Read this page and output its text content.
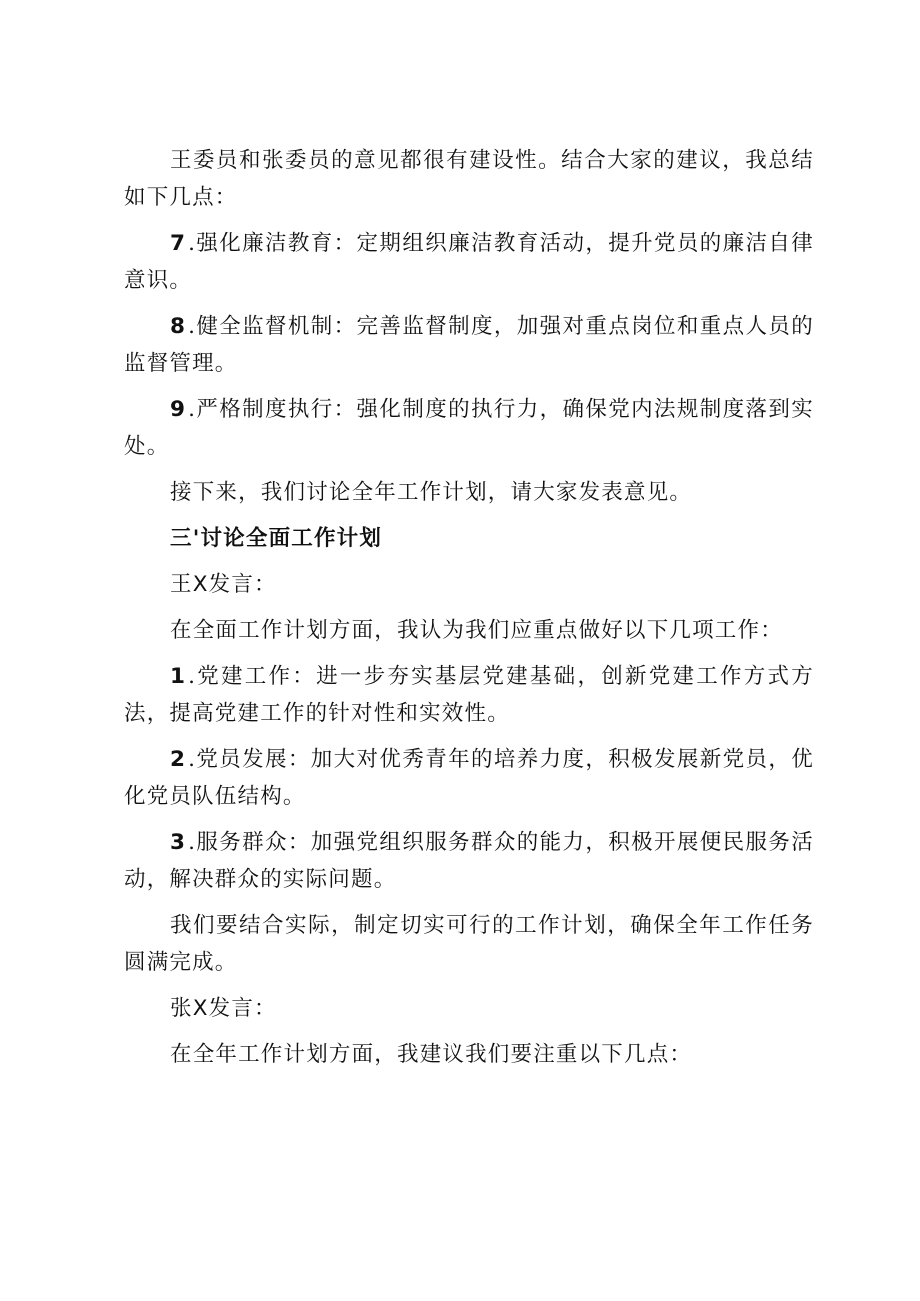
王委员和张委员的意见都很有建设性。结合大家的建议，我总结如下几点：

7.强化廉洁教育：定期组织廉洁教育活动，提升党员的廉洁自律意识。

8.健全监督机制：完善监督制度，加强对重点岗位和重点人员的监督管理。

9.严格制度执行：强化制度的执行力，确保党内法规制度落到实处。

接下来，我们讨论全年工作计划，请大家发表意见。

三'讨论全面工作计划

王X发言：

在全面工作计划方面，我认为我们应重点做好以下几项工作：

1.党建工作：进一步夯实基层党建基础，创新党建工作方式方法，提高党建工作的针对性和实效性。

2.党员发展：加大对优秀青年的培养力度，积极发展新党员，优化党员队伍结构。

3.服务群众：加强党组织服务群众的能力，积极开展便民服务活动，解决群众的实际问题。

我们要结合实际，制定切实可行的工作计划，确保全年工作任务圆满完成。

张X发言：

在全年工作计划方面，我建议我们要注重以下几点：
